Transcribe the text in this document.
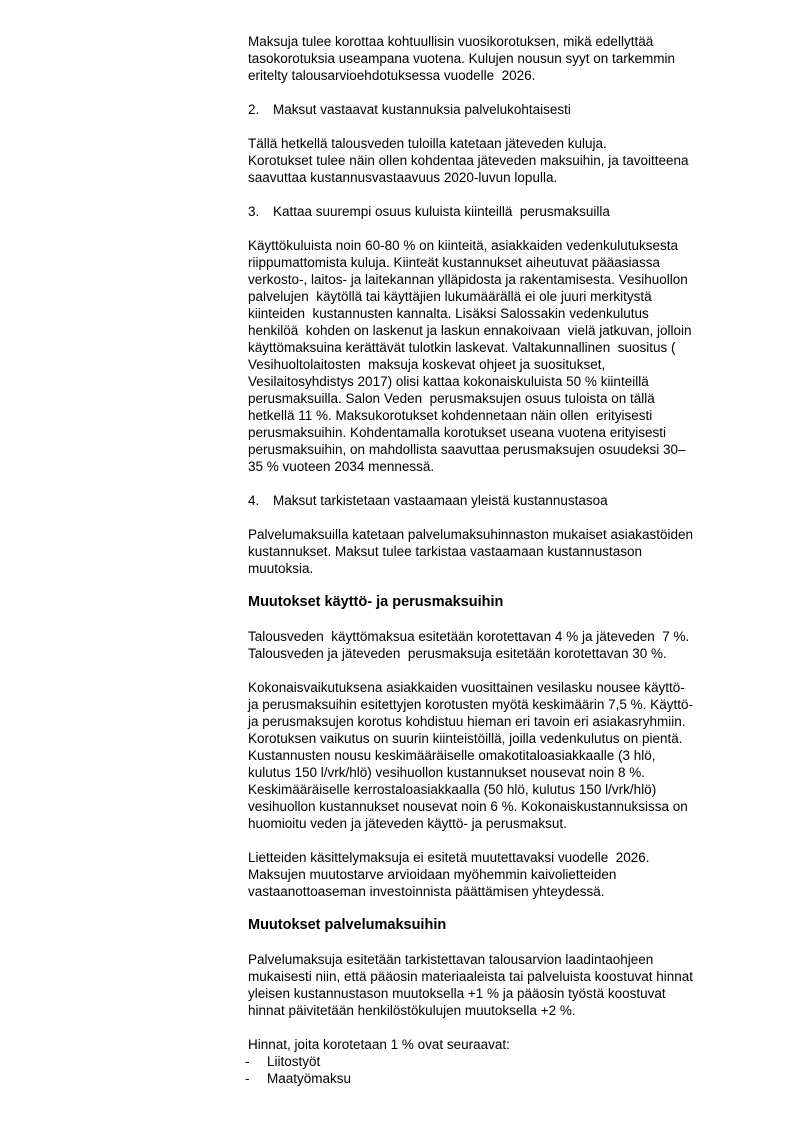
Maksuja tulee korottaa kohtuullisin vuosikorotuksen, mikä edellyttää
tasokorotuksia useampana vuotena. Kulujen nousun syyt on tarkemmin
eritelty talousarvioehdotuksessa vuodelle  2026.
2.	Maksut vastaavat kustannuksia palvelukohtaisesti
Tällä hetkellä talousveden tuloilla katetaan jäteveden kuluja.
Korotukset tulee näin ollen kohdentaa jäteveden maksuihin, ja tavoitteena
saavuttaa kustannusvastaavuus 2020-luvun lopulla.
3.	Kattaa suurempi osuus kuluista kiinteillä  perusmaksuilla
Käyttökuluista noin 60-80 % on kiinteitä, asiakkaiden vedenkulutuksesta
riippumattomista kuluja. Kiinteät kustannukset aiheutuvat pääasiassa
verkosto-, laitos- ja laitekannan ylläpidosta ja rakentamisesta. Vesihuollon
palvelujen  käytöllä tai käyttäjien lukumäärällä ei ole juuri merkitystä
kiinteiden  kustannusten kannalta. Lisäksi Salossakin vedenkulutus
henkilöä  kohden on laskenut ja laskun ennakoivaan  vielä jatkuvan, jolloin
käyttömaksuina kerättävät tulotkin laskevat. Valtakunnallinen  suositus (
Vesihuoltolaitosten  maksuja koskevat ohjeet ja suositukset,
Vesilaitosyhdistys 2017) olisi kattaa kokonaiskuluista 50 % kiinteillä
perusmaksuilla. Salon Veden  perusmaksujen osuus tuloista on tällä
hetkellä 11 %. Maksukorotukset kohdennetaan näin ollen  erityisesti
perusmaksuihin. Kohdentamalla korotukset useana vuotena erityisesti
perusmaksuihin, on mahdollista saavuttaa perusmaksujen osuudeksi 30–
35 % vuoteen 2034 mennessä.
4.	Maksut tarkistetaan vastaamaan yleistä kustannustasoa
Palvelumaksuilla katetaan palvelumaksuhinnaston mukaiset asiakastöiden
kustannukset. Maksut tulee tarkistaa vastaamaan kustannustason
muutoksia.
Muutokset käyttö- ja perusmaksuihin
Talousveden  käyttömaksua esitetään korotettavan 4 % ja jäteveden  7 %.
Talousveden ja jäteveden  perusmaksuja esitetään korotettavan 30 %.
Kokonaisvaikutuksena asiakkaiden vuosittainen vesilasku nousee käyttö-
ja perusmaksuihin esitettyjen korotusten myötä keskimäärin 7,5 %. Käyttö-
ja perusmaksujen korotus kohdistuu hieman eri tavoin eri asiakasryhmiin.
Korotuksen vaikutus on suurin kiinteistöillä, joilla vedenkulutus on pientä.
Kustannusten nousu keskimääräiselle omakotitaloasiakkaalle (3 hlö,
kulutus 150 l/vrk/hlö) vesihuollon kustannukset nousevat noin 8 %.
Keskimääräiselle kerrostaloasiakkaalla (50 hlö, kulutus 150 l/vrk/hlö)
vesihuollon kustannukset nousevat noin 6 %. Kokonaiskustannuksissa on
huomioitu veden ja jäteveden käyttö- ja perusmaksut.
Lietteiden käsittelymaksuja ei esitetä muutettavaksi vuodelle  2026.
Maksujen muutostarve arvioidaan myöhemmin kaivolietteiden
vastaanottoaseman investoinnista päättämisen yhteydessä.
Muutokset palvelumaksuihin
Palvelumaksuja esitetään tarkistettavan talousarvion laadintaohjeen
mukaisesti niin, että pääosin materiaaleista tai palveluista koostuvat hinnat
yleisen kustannustason muutoksella +1 % ja pääosin työstä koostuvat
hinnat päivitetään henkilöstökulujen muutoksella +2 %.
Hinnat, joita korotetaan 1 % ovat seuraavat:
-	Liitostyöt
-	Maatyömaksu
